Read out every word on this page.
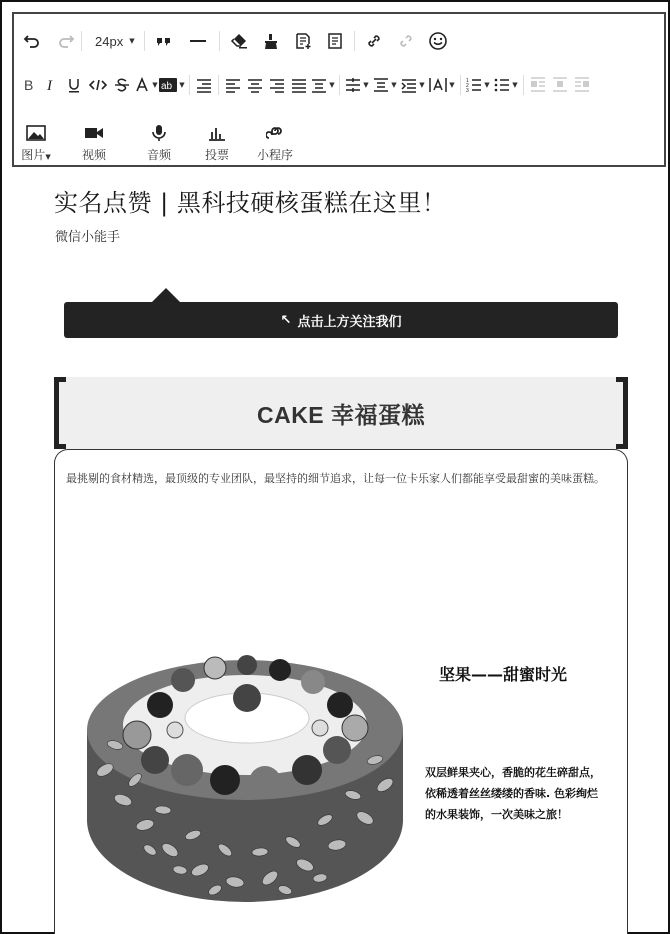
24px ▼
B I	▼ ab ▼	▼	▼	▼	▼	▼ 1
2
3
▼	▼
图片▼	视频	音频	投票 小程序
实名点赞 | 黑科技硬核蛋糕在这里！
微信小能手
↖ 点击上方关注我们
CAKE 幸福蛋糕
最挑剔的食材精选，最顶级的专业团队，最坚持的细节追求，让每一位卡乐家人们都能享受最甜蜜的美味蛋糕。
坚果——甜蜜时光
双层鲜果夹心，香脆的花生碎甜点，
依稀透着丝丝缕缕的香味. 色彩绚烂
的水果装饰，一次美味之旅！
